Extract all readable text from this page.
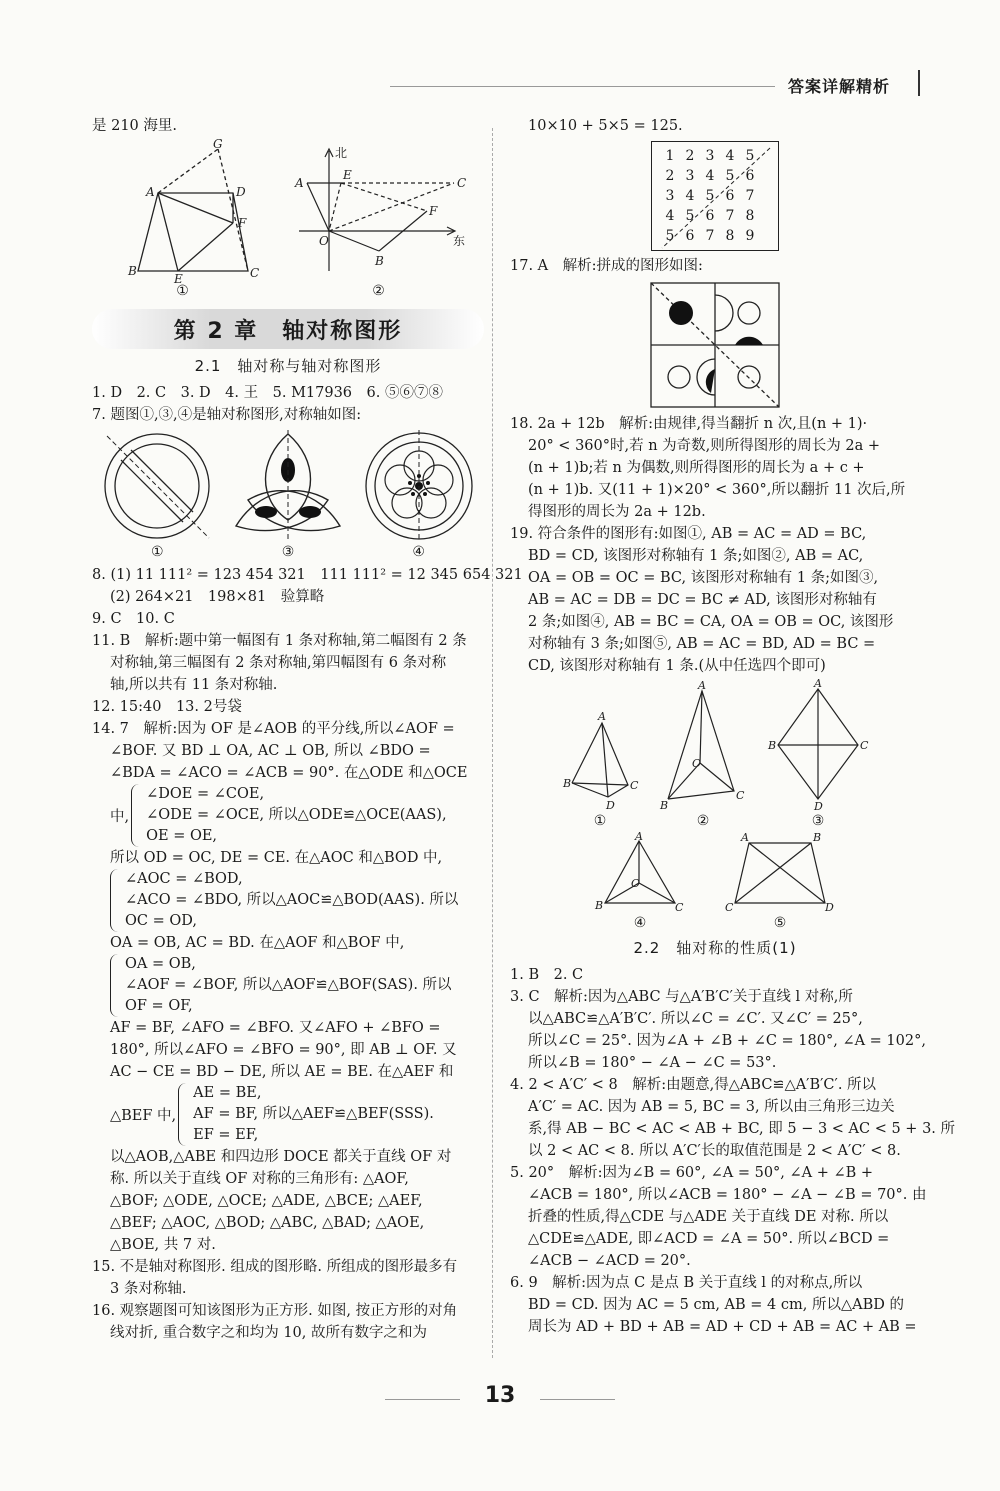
答案详解精析
是 210 海里.
G
A	D
F
B
E	C
①
A
E
C
F
O
B
北
东
②
第 2 章　轴对称图形
2.1　轴对称与轴对称图形
1. D　2. C　3. D　4. 王　5. M17936　6. ⑤⑥⑦⑧
7. 题图①,③,④是轴对称图形,对称轴如图:
①	③	④
8. (1) 11 111² = 123 454 321　111 111² = 12 345 654 321
(2) 264×21　198×81　验算略
9. C　10. C
11. B　解析:题中第一幅图有 1 条对称轴,第二幅图有 2 条
对称轴,第三幅图有 2 条对称轴,第四幅图有 6 条对称
轴,所以共有 11 条对称轴.
12. 15:40　13. 2号袋
14. 7　解析:因为 OF 是∠AOB 的平分线,所以∠AOF =
∠BOF. 又 BD ⊥ OA, AC ⊥ OB, 所以 ∠BDO =
∠BDA = ∠ACO = ∠ACB = 90°. 在△ODE 和△OCE
中,
∠DOE = ∠COE,
∠ODE = ∠OCE, 所以△ODE≌△OCE(AAS),
OE = OE,
所以 OD = OC, DE = CE. 在△AOC 和△BOD 中,
∠AOC = ∠BOD,
∠ACO = ∠BDO, 所以△AOC≌△BOD(AAS). 所以
OC = OD,
OA = OB, AC = BD. 在△AOF 和△BOF 中,
OA = OB,
∠AOF = ∠BOF, 所以△AOF≌△BOF(SAS). 所以
OF = OF,
AF = BF, ∠AFO = ∠BFO. 又∠AFO + ∠BFO =
180°, 所以∠AFO = ∠BFO = 90°, 即 AB ⊥ OF. 又
AC − CE = BD − DE, 所以 AE = BE. 在△AEF 和
△BEF 中,
AE = BE,
AF = BF, 所以△AEF≌△BEF(SSS).
EF = EF,
以△AOB,△ABE 和四边形 DOCE 都关于直线 OF 对
称. 所以关于直线 OF 对称的三角形有: △AOF,
△BOF; △ODE, △OCE; △ADE, △BCE; △AEF,
△BEF; △AOC, △BOD; △ABC, △BAD; △AOE,
△BOE, 共 7 对.
15. 不是轴对称图形. 组成的图形略. 所组成的图形最多有
3 条对称轴.
16. 观察题图可知该图形为正方形. 如图, 按正方形的对角
线对折, 重合数字之和均为 10, 故所有数字之和为
10×10 + 5×5 = 125.
1	2	3	4	5
2	3	4	5	6
3	4	5	6	7
4	5	6	7	8
5	6	7	8	9
17. A　解析:拼成的图形如图:
18. 2a + 12b　解析:由规律,得当翻折 n 次,且(n + 1)·
20° < 360°时,若 n 为奇数,则所得图形的周长为 2a +
(n + 1)b;若 n 为偶数,则所得图形的周长为 a + c +
(n + 1)b. 又(11 + 1)×20° < 360°,所以翻折 11 次后,所
得图形的周长为 2a + 12b.
19. 符合条件的图形有:如图①, AB = AC = AD = BC,
BD = CD, 该图形对称轴有 1 条;如图②, AB = AC,
OA = OB = OC = BC, 该图形对称轴有 1 条;如图③,
AB = AC = DB = DC = BC ≠ AD, 该图形对称轴有
2 条;如图④, AB = BC = CA, OA = OB = OC, 该图形
对称轴有 3 条;如图⑤, AB = AC = BD, AD = BC =
CD, 该图形对称轴有 1 条.(从中任选四个即可)
A
B	C
D
①
A
O
B
C
②
A
B	C
D
③
A
O
B	C
④
A	B
C	D
⑤
2.2　轴对称的性质(1)
1. B　2. C
3. C　解析:因为△ABC 与△A′B′C′关于直线 l 对称,所
以△ABC≌△A′B′C′. 所以∠C = ∠C′. 又∠C′ = 25°,
所以∠C = 25°. 因为∠A + ∠B + ∠C = 180°, ∠A = 102°,
所以∠B = 180° − ∠A − ∠C = 53°.
4. 2 < A′C′ < 8　解析:由题意,得△ABC≌△A′B′C′. 所以
A′C′ = AC. 因为 AB = 5, BC = 3, 所以由三角形三边关
系,得 AB − BC < AC < AB + BC, 即 5 − 3 < AC < 5 + 3. 所
以 2 < AC < 8. 所以 A′C′长的取值范围是 2 < A′C′ < 8.
5. 20°　解析:因为∠B = 60°, ∠A = 50°, ∠A + ∠B +
∠ACB = 180°, 所以∠ACB = 180° − ∠A − ∠B = 70°. 由
折叠的性质,得△CDE 与△ADE 关于直线 DE 对称. 所以
△CDE≌△ADE, 即∠ACD = ∠A = 50°. 所以∠BCD =
∠ACB − ∠ACD = 20°.
6. 9　解析:因为点 C 是点 B 关于直线 l 的对称点,所以
BD = CD. 因为 AC = 5 cm, AB = 4 cm, 所以△ABD 的
周长为 AD + BD + AB = AD + CD + AB = AC + AB =
13
